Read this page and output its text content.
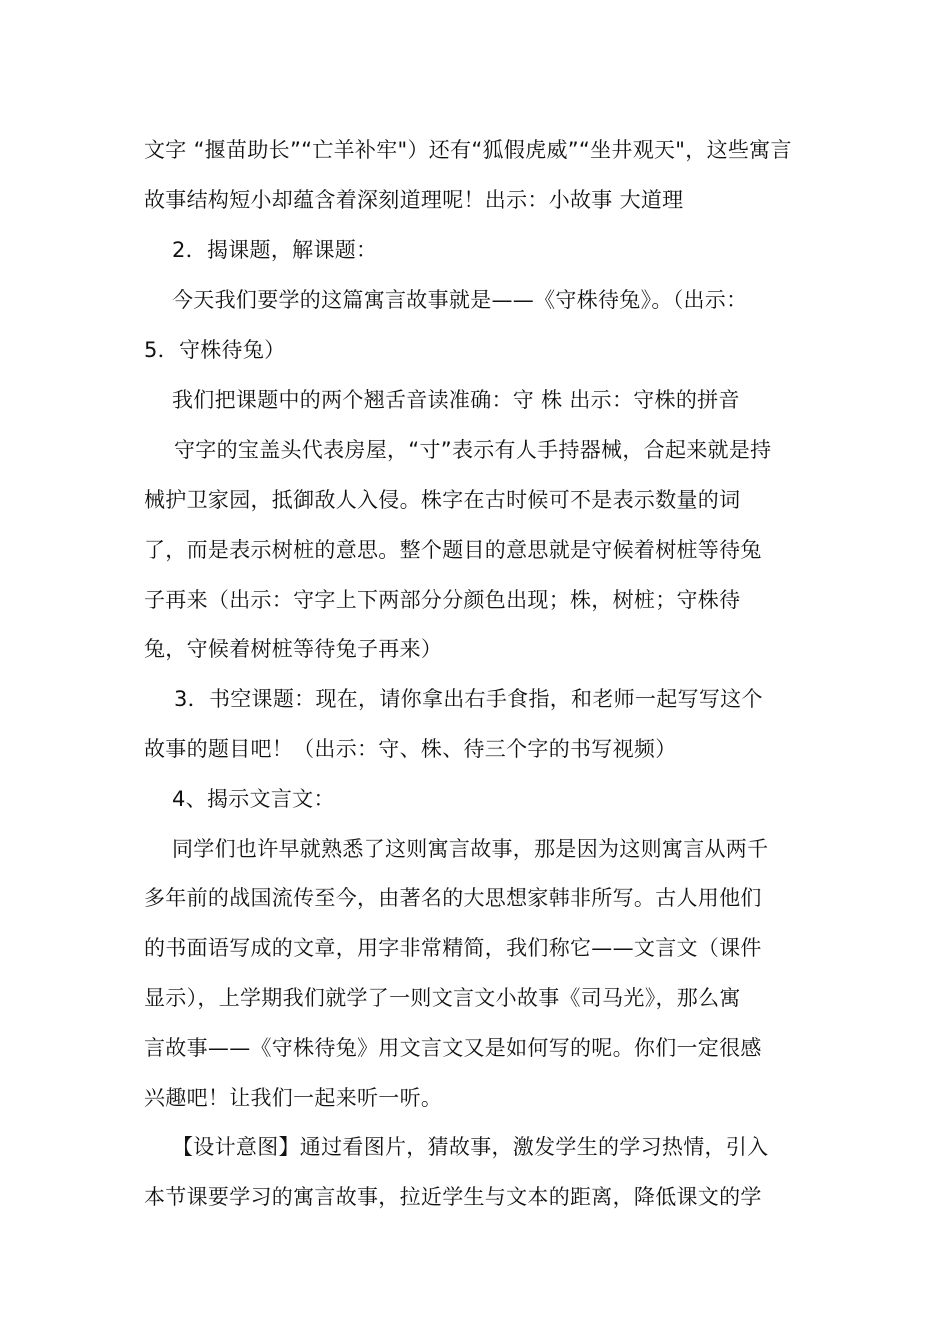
文字 “揠苗助长”“亡羊补牢"）还有“狐假虎威”“坐井观天"，这些寓言
故事结构短小却蕴含着深刻道理呢！出示：小故事 大道理
2．揭课题，解课题：
今天我们要学的这篇寓言故事就是——《守株待兔》。（出示：
5．守株待兔）
我们把课题中的两个翘舌音读准确：守 株 出示：守株的拼音
守字的宝盖头代表房屋，“寸”表示有人手持器械，合起来就是持
械护卫家园，抵御敌人入侵。株字在古时候可不是表示数量的词
了，而是表示树桩的意思。整个题目的意思就是守候着树桩等待兔
子再来（出示：守字上下两部分分颜色出现；株，树桩；守株待
兔，守候着树桩等待兔子再来）
3．书空课题：现在，请你拿出右手食指，和老师一起写写这个
故事的题目吧！（出示：守、株、待三个字的书写视频）
4、揭示文言文：
同学们也许早就熟悉了这则寓言故事，那是因为这则寓言从两千
多年前的战国流传至今，由著名的大思想家韩非所写。古人用他们
的书面语写成的文章，用字非常精简，我们称它——文言文（课件
显示），上学期我们就学了一则文言文小故事《司马光》，那么寓
言故事——《守株待兔》用文言文又是如何写的呢。你们一定很感
兴趣吧！让我们一起来听一听。
【设计意图】通过看图片，猜故事，激发学生的学习热情，引入
本节课要学习的寓言故事，拉近学生与文本的距离，降低课文的学
